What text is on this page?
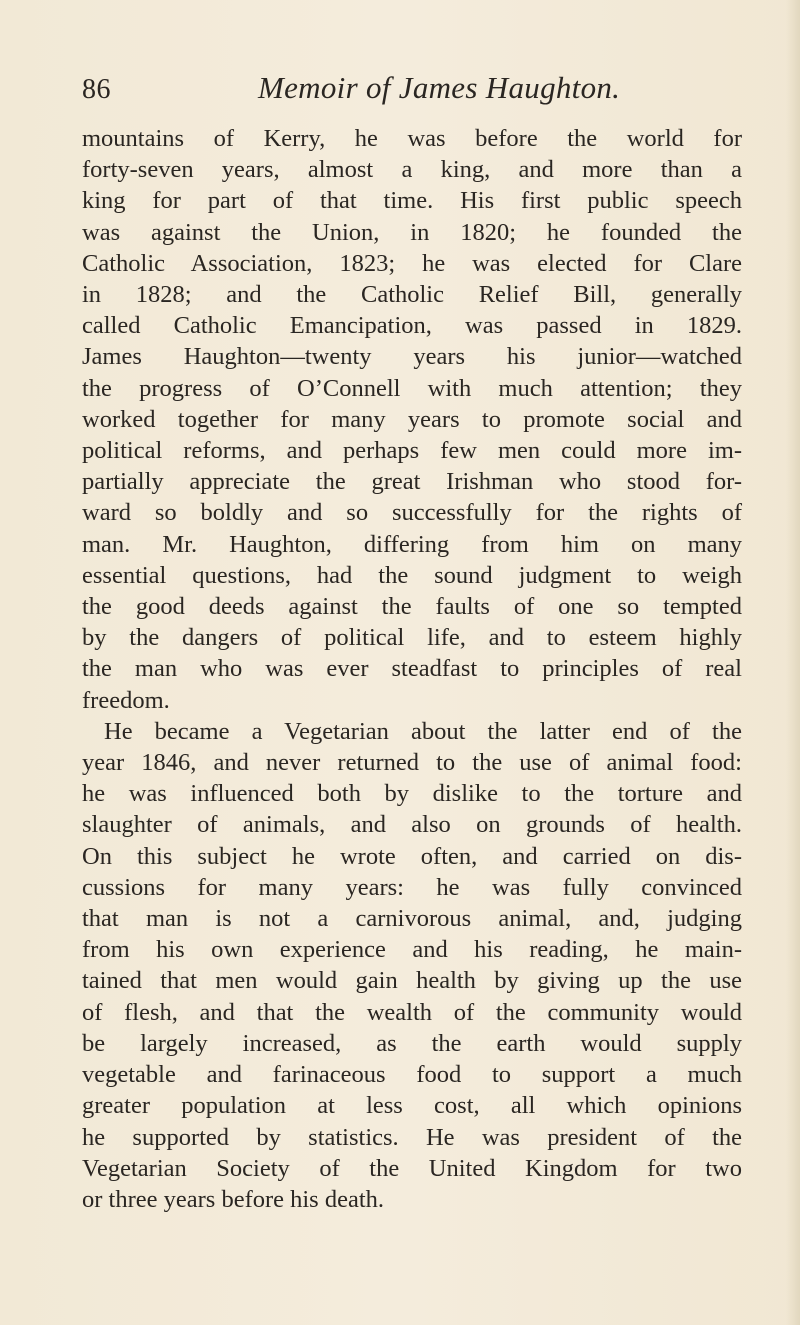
86	Memoir of James Haughton.
mountains of Kerry, he was before the world for
forty-seven years, almost a king, and more than a
king for part of that time. His first public speech
was against the Union, in 1820; he founded the
Catholic Association, 1823; he was elected for Clare
in 1828; and the Catholic Relief Bill, generally
called Catholic Emancipation, was passed in 1829.
James Haughton—twenty years his junior—watched
the progress of O’Connell with much attention; they
worked together for many years to promote social and
political reforms, and perhaps few men could more im-
partially appreciate the great Irishman who stood for-
ward so boldly and so successfully for the rights of
man. Mr. Haughton, differing from him on many
essential questions, had the sound judgment to weigh
the good deeds against the faults of one so tempted
by the dangers of political life, and to esteem highly
the man who was ever steadfast to principles of real
freedom.
He became a Vegetarian about the latter end of the
year 1846, and never returned to the use of animal food:
he was influenced both by dislike to the torture and
slaughter of animals, and also on grounds of health.
On this subject he wrote often, and carried on dis-
cussions for many years: he was fully convinced
that man is not a carnivorous animal, and, judging
from his own experience and his reading, he main-
tained that men would gain health by giving up the use
of flesh, and that the wealth of the community would
be largely increased, as the earth would supply
vegetable and farinaceous food to support a much
greater population at less cost, all which opinions
he supported by statistics. He was president of the
Vegetarian Society of the United Kingdom for two
or three years before his death.
